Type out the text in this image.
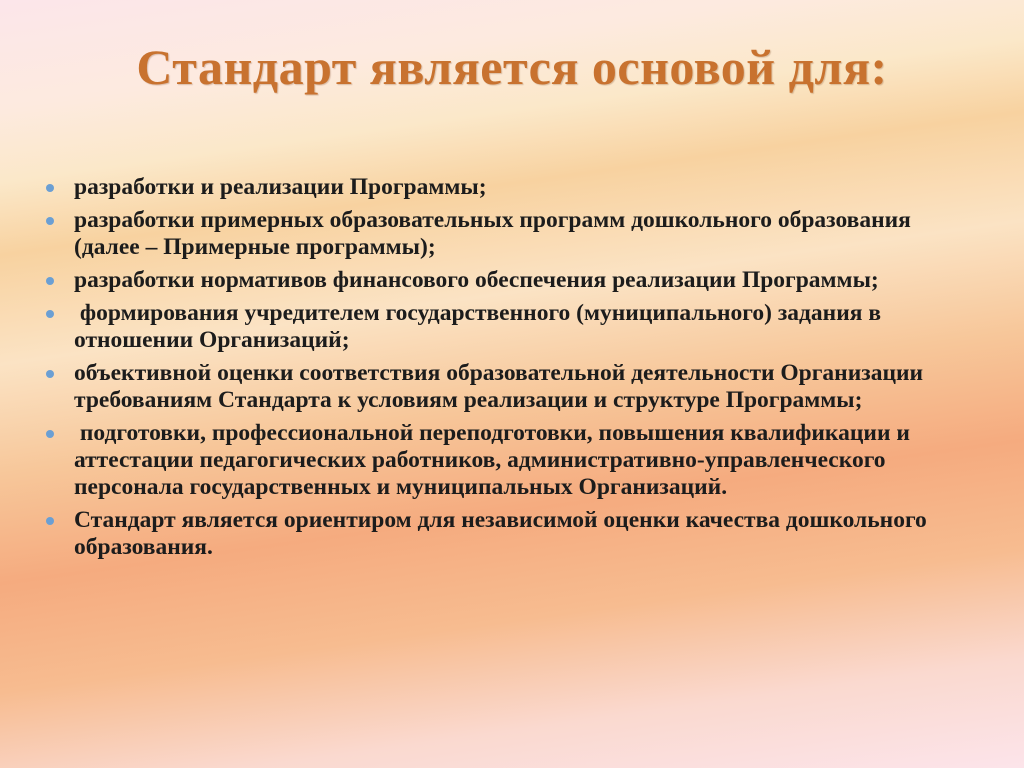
Стандарт является основой для:
разработки и реализации Программы;
разработки примерных образовательных программ дошкольного образования (далее – Примерные программы);
разработки нормативов финансового обеспечения реализации Программы;
формирования учредителем государственного (муниципального) задания в отношении Организаций;
объективной оценки соответствия образовательной деятельности Организации требованиям Стандарта к условиям реализации и структуре Программы;
подготовки, профессиональной переподготовки, повышения квалификации и аттестации педагогических работников, административно-управленческого персонала государственных и муниципальных Организаций.
Стандарт является ориентиром для независимой оценки качества дошкольного образования.
